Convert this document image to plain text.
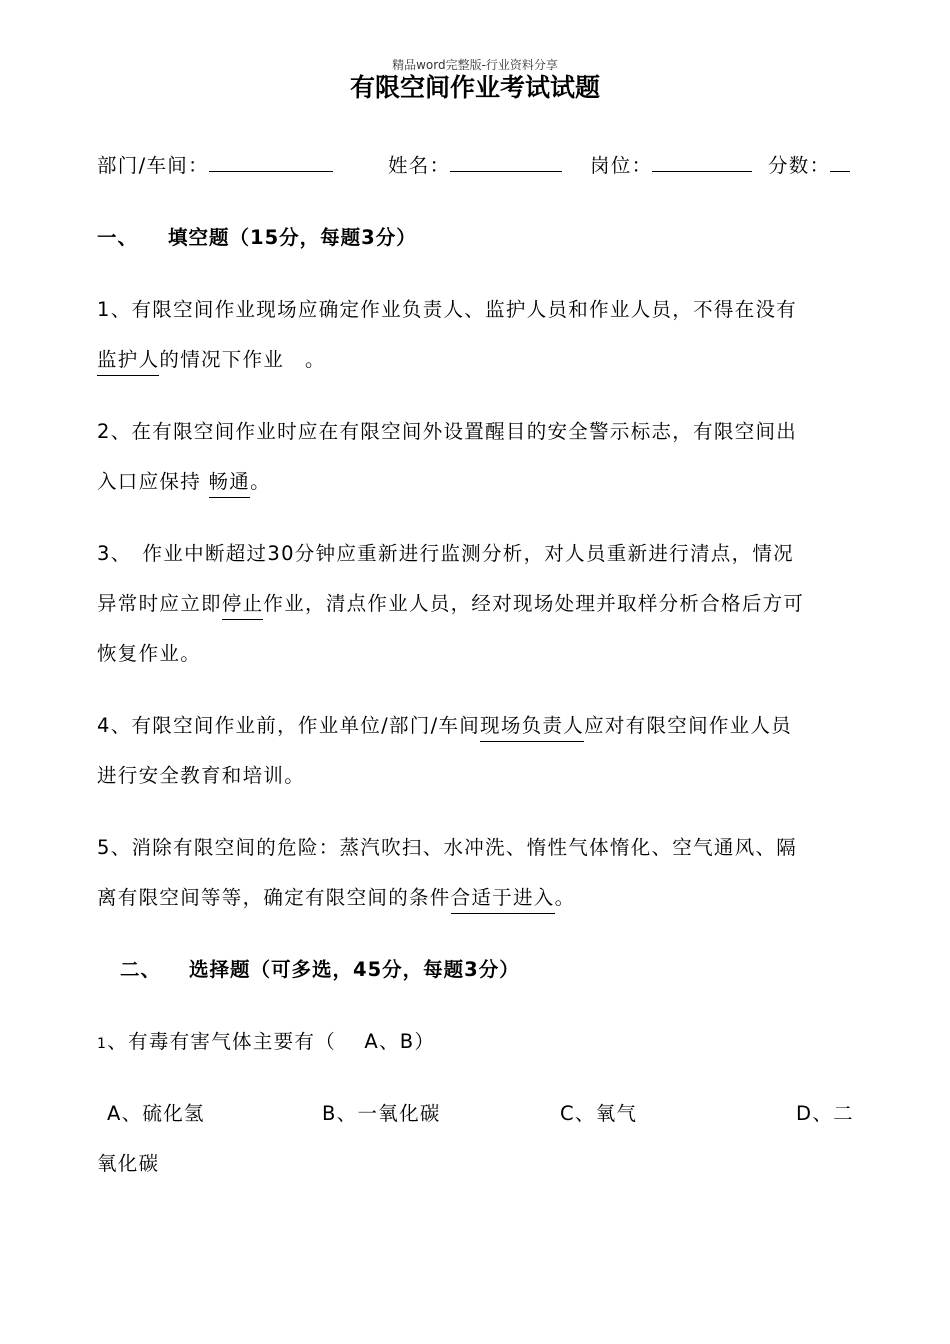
精品word完整版-行业资料分享
有限空间作业考试试题
部门/车间：	姓名：	岗位：	分数：
一、 填空题（15分，每题3分）
1、有限空间作业现场应确定作业负责人、监护人员和作业人员，不得在没有
监护人的情况下作业　。
2、在有限空间作业时应在有限空间外设置醒目的安全警示标志，有限空间出
入口应保持 畅通。
3、　作业中断超过30分钟应重新进行监测分析，对人员重新进行清点，情况
异常时应立即停止作业，清点作业人员，经对现场处理并取样分析合格后方可
恢复作业。
4、有限空间作业前，作业单位/部门/车间现场负责人应对有限空间作业人员
进行安全教育和培训。
5、消除有限空间的危险：蒸汽吹扫、水冲洗、惰性气体惰化、空气通风、隔
离有限空间等等，确定有限空间的条件合适于进入。
二、 选择题（可多选，45分，每题3分）
1、有毒有害气体主要有（　 A、B）
A、硫化氢	B、一氧化碳	C、氧气	D、二
氧化碳
